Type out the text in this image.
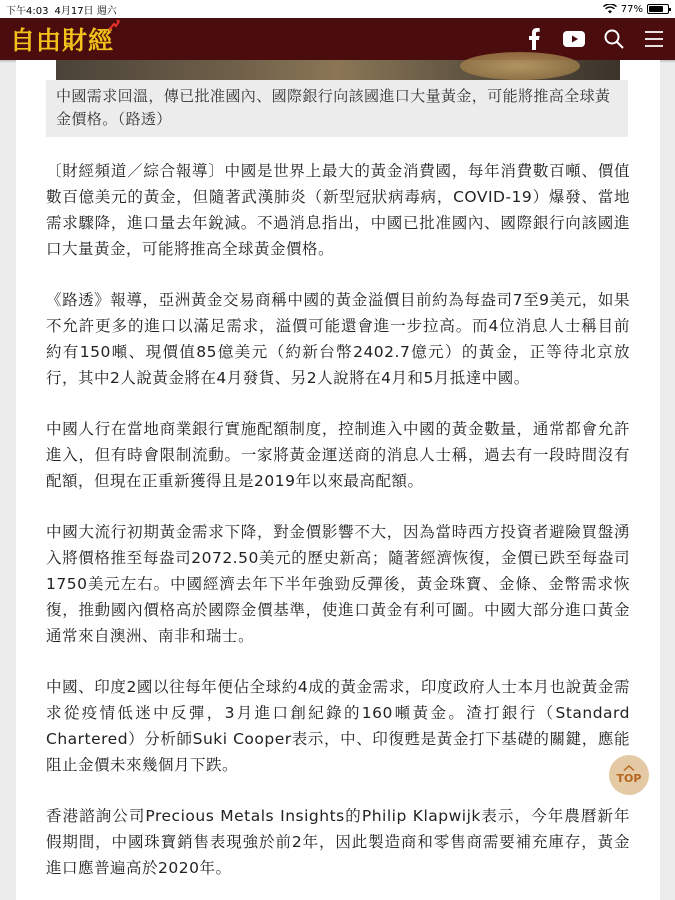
下午4:03 4月17日 週六	77%
自由財經
中國需求回溫，傳已批准國內、國際銀行向該國進口大量黃金，可能將推高全球黃金價格。（路透）

〔財經頻道／綜合報導〕中國是世界上最大的黃金消費國，每年消費數百噸、價值數百億美元的黃金，但隨著武漢肺炎（新型冠狀病毒病，COVID-19）爆發、當地需求驟降，進口量去年銳減。不過消息指出，中國已批准國內、國際銀行向該國進口大量黃金，可能將推高全球黃金價格。

《路透》報導，亞洲黃金交易商稱中國的黃金溢價目前約為每盎司7至9美元，如果不允許更多的進口以滿足需求，溢價可能還會進一步拉高。而4位消息人士稱目前約有150噸、現價值85億美元（約新台幣2402.7億元）的黃金，正等待北京放行，其中2人說黃金將在4月發貨、另2人說將在4月和5月抵達中國。

中國人行在當地商業銀行實施配額制度，控制進入中國的黃金數量，通常都會允許進入，但有時會限制流動。一家將黃金運送商的消息人士稱，過去有一段時間沒有配額，但現在正重新獲得且是2019年以來最高配額。

中國大流行初期黃金需求下降，對金價影響不大，因為當時西方投資者避險買盤湧入將價格推至每盎司2072.50美元的歷史新高；隨著經濟恢復，金價已跌至每盎司1750美元左右。中國經濟去年下半年強勁反彈後，黃金珠寶、金條、金幣需求恢復，推動國內價格高於國際金價基準，使進口黃金有利可圖。中國大部分進口黃金通常來自澳洲、南非和瑞士。

中國、印度2國以往每年便佔全球約4成的黃金需求，印度政府人士本月也說黃金需求從疫情低迷中反彈，3月進口創紀錄的160噸黃金。渣打銀行（Standard Chartered）分析師Suki Cooper表示，中、印復甦是黃金打下基礎的關鍵，應能阻止金價未來幾個月下跌。

香港諮詢公司Precious Metals Insights的Philip Klapwijk表示，今年農曆新年假期間，中國珠寶銷售表現強於前2年，因此製造商和零售商需要補充庫存，黃金進口應普遍高於2020年。

TOP
